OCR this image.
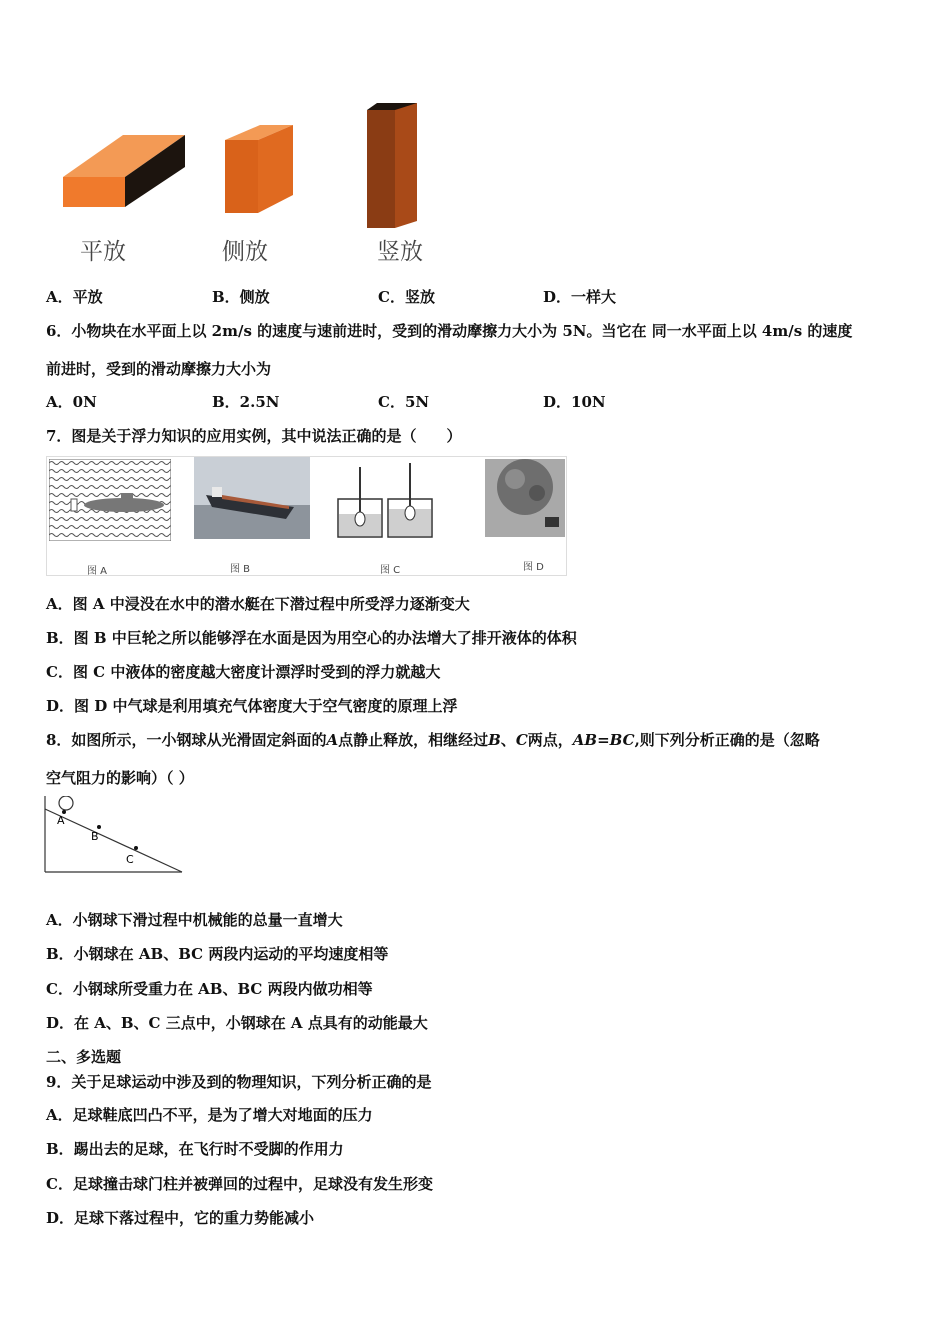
平放	侧放	竖放
A．平放	B．侧放	C．竖放	D．一样大
6．小物块在水平面上以 2m/s 的速度与速前进时，受到的滑动摩擦力大小为 5N。当它在 同一水平面上以 4m/s 的速度
前进时，受到的滑动摩擦力大小为
A．0N	B．2.5N	C．5N	D．10N
7．图是关于浮力知识的应用实例，其中说法正确的是（　　）
图 A	图 B	图 C	图 D
A．图 A 中浸没在水中的潜水艇在下潜过程中所受浮力逐渐变大
B．图 B 中巨轮之所以能够浮在水面是因为用空心的办法增大了排开液体的体积
C．图 C 中液体的密度越大密度计漂浮时受到的浮力就越大
D．图 D 中气球是利用填充气体密度大于空气密度的原理上浮
8．如图所示，一小钢球从光滑固定斜面的A点静止释放，相继经过B、C两点，AB=BC,则下列分析正确的是（忽略
空气阻力的影响）（ ）
A
B
C
A．小钢球下滑过程中机械能的总量一直增大
B．小钢球在 AB、BC 两段内运动的平均速度相等
C．小钢球所受重力在 AB、BC 两段内做功相等
D．在 A、B、C 三点中，小钢球在 A 点具有的动能最大
二、多选题
9．关于足球运动中涉及到的物理知识，下列分析正确的是
A．足球鞋底凹凸不平，是为了增大对地面的压力
B．踢出去的足球，在飞行时不受脚的作用力
C．足球撞击球门柱并被弹回的过程中，足球没有发生形变
D．足球下落过程中，它的重力势能减小
